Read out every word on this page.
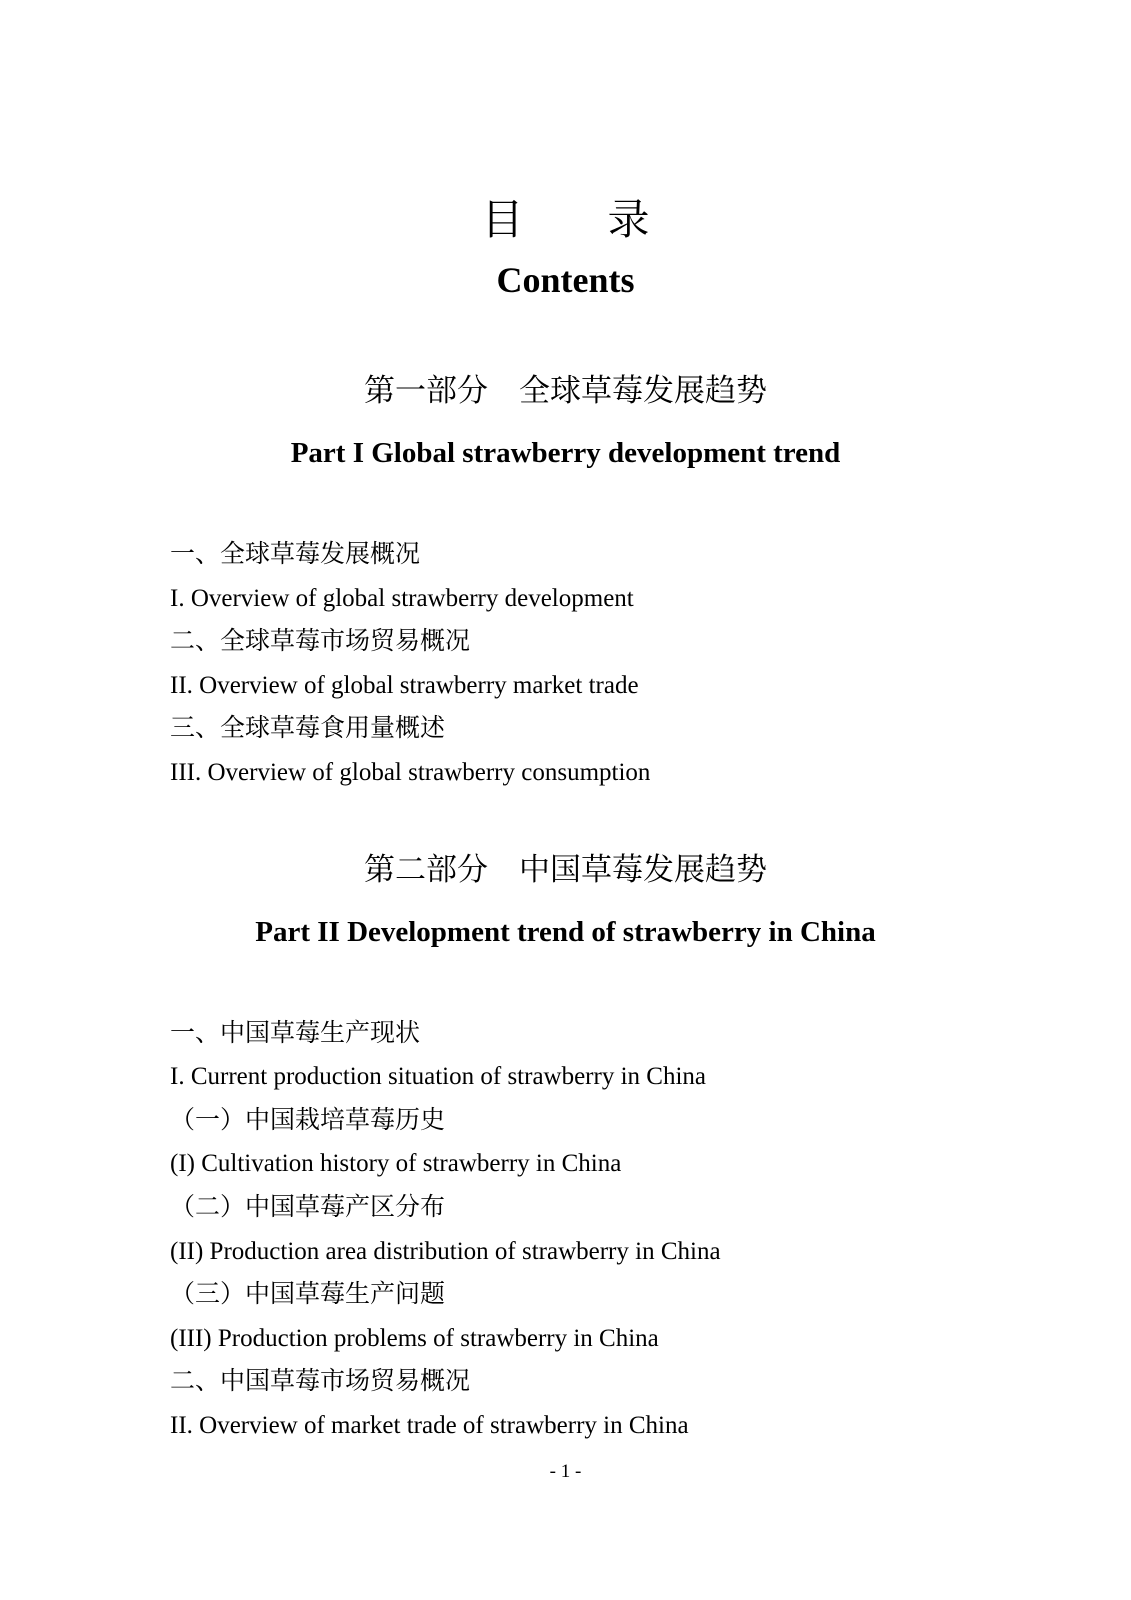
目　　录
Contents
第一部分　全球草莓发展趋势
Part I Global strawberry development trend

一、全球草莓发展概况

I. Overview of global strawberry development

二、全球草莓市场贸易概况

II. Overview of global strawberry market trade

三、全球草莓食用量概述

III. Overview of global strawberry consumption

第二部分　中国草莓发展趋势
Part II Development trend of strawberry in China

一、中国草莓生产现状

I. Current production situation of strawberry in China

（一）中国栽培草莓历史

(I) Cultivation history of strawberry in China

（二）中国草莓产区分布

(II) Production area distribution of strawberry in China

（三）中国草莓生产问题

(III) Production problems of strawberry in China

二、中国草莓市场贸易概况

II. Overview of market trade of strawberry in China

- 1 -
